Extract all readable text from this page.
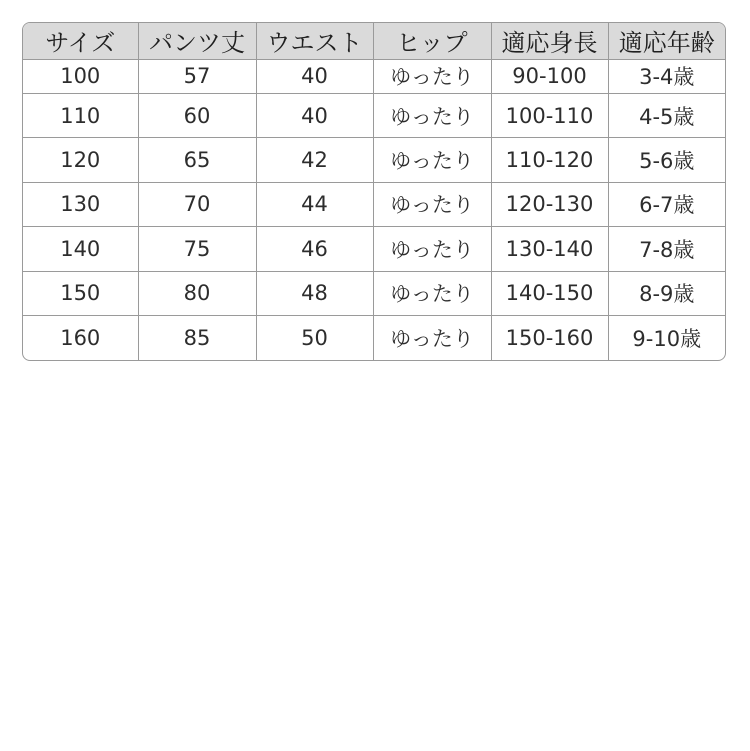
サイズ	パンツ丈	ウエスト	ヒップ	適応身長	適応年齢
100	57	40	ゆったり	90-100	3-4歳
110	60	40	ゆったり	100-110	4-5歳
120	65	42	ゆったり	110-120	5-6歳
130	70	44	ゆったり	120-130	6-7歳
140	75	46	ゆったり	130-140	7-8歳
150	80	48	ゆったり	140-150	8-9歳
160	85	50	ゆったり	150-160	9-10歳
